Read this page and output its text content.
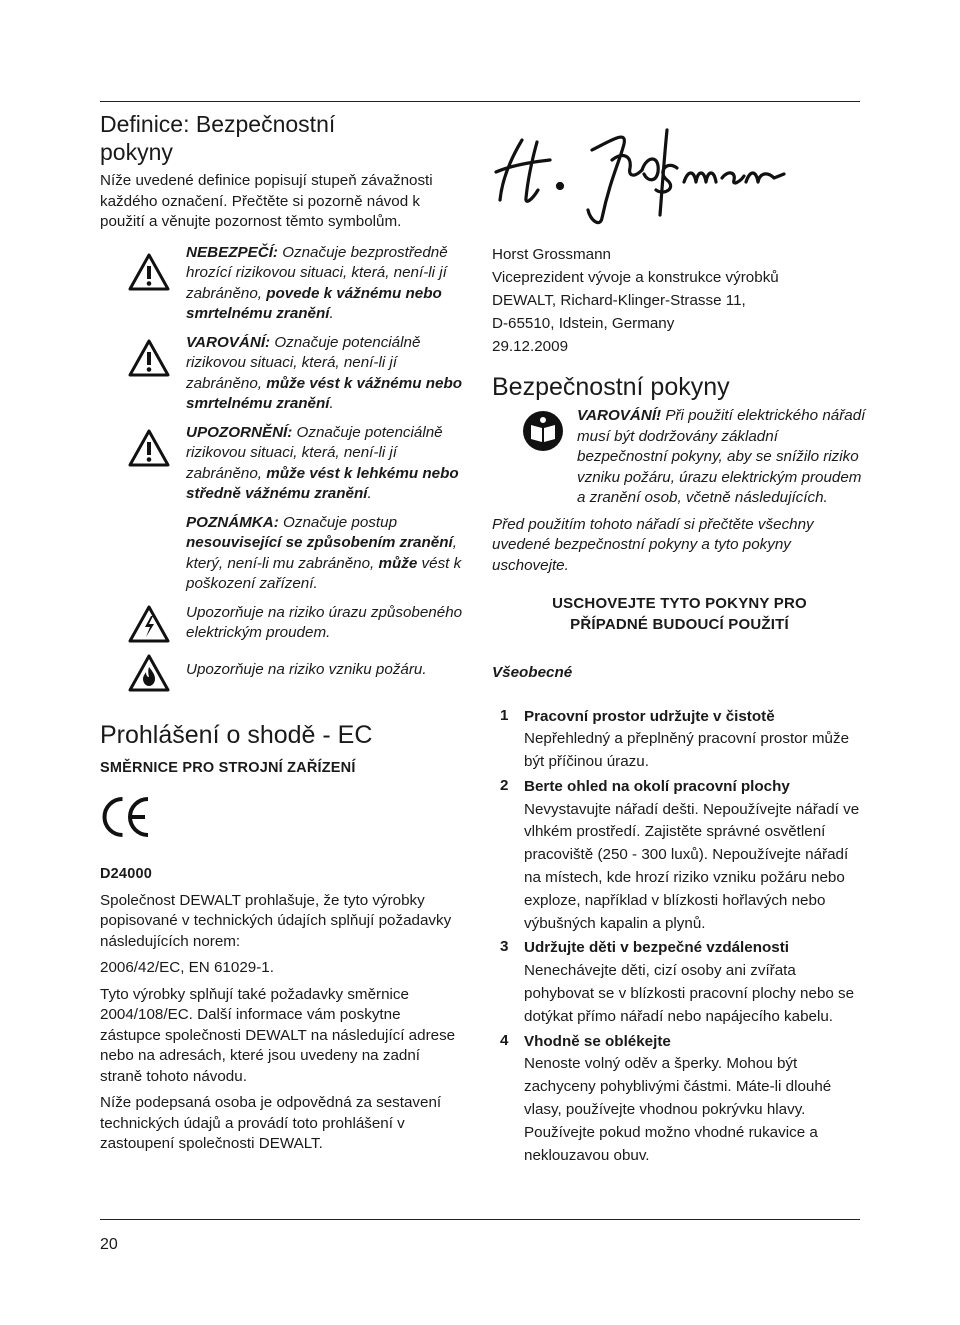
Definice: Bezpečnostní
pokyny

Níže uvedené definice popisují stupeň závažnosti každého označení. Přečtěte si pozorně návod k použití a věnujte pozornost těmto symbolům.

NEBEZPEČÍ: Označuje bezprostředně hrozící rizikovou situaci, která, není-li jí zabráněno, povede k vážnému nebo smrtelnému zranění.
VAROVÁNÍ: Označuje potenciálně rizikovou situaci, která, není-li jí zabráněno, může vést k vážnému nebo smrtelnému zranění.
UPOZORNĚNÍ: Označuje potenciálně rizikovou situaci, která, není-li jí zabráněno, může vést k lehkému nebo středně vážnému zranění.
POZNÁMKA: Označuje postup nesouvisející se způsobením zranění, který, není-li mu zabráněno, může vést k poškození zařízení.
Upozorňuje na riziko úrazu způsobeného elektrickým proudem.
Upozorňuje na riziko vzniku požáru.
Prohlášení o shodě - EC

SMĚRNICE PRO STROJNÍ ZAŘÍZENÍ

D24000

Společnost DEWALT prohlašuje, že tyto výrobky popisované v technických údajích splňují požadavky následujících norem:

2006/42/EC, EN 61029-1.

Tyto výrobky splňují také požadavky směrnice 2004/108/EC. Další informace vám poskytne zástupce společnosti DEWALT na následující adrese nebo na adresách, které jsou uvedeny na zadní straně tohoto návodu.

Níže podepsaná osoba je odpovědná za sestavení technických údajů a provádí toto prohlášení v zastoupení společnosti DEWALT.

Horst Grossmann

Viceprezident vývoje a konstrukce výrobků

DEWALT, Richard-Klinger-Strasse 11,

D-65510, Idstein, Germany

29.12.2009

Bezpečnostní pokyny
VAROVÁNÍ! Při použití elektrického nářadí musí být dodržovány základní bezpečnostní pokyny, aby se snížilo riziko vzniku požáru, úrazu elektrickým proudem a zranění osob, včetně následujících.

Před použitím tohoto nářadí si přečtěte všechny uvedené bezpečnostní pokyny a tyto pokyny uschovejte.

USCHOVEJTE TYTO POKYNY PRO
PŘÍPADNÉ BUDOUCÍ POUŽITÍ

Všeobecné

1	Pracovní prostor udržujte v čistotě
Nepřehledný a přeplněný pracovní prostor může být příčinou úrazu.
2	Berte ohled na okolí pracovní plochy
Nevystavujte nářadí dešti. Nepoužívejte nářadí ve vlhkém prostředí. Zajistěte správné osvětlení pracoviště (250 - 300 luxů). Nepoužívejte nářadí na místech, kde hrozí riziko vzniku požáru nebo exploze, například v blízkosti hořlavých nebo výbušných kapalin a plynů.
3	Udržujte děti v bezpečné vzdálenosti
Nenechávejte děti, cizí osoby ani zvířata pohybovat se v blízkosti pracovní plochy nebo se dotýkat přímo nářadí nebo napájecího kabelu.
4	Vhodně se oblékejte
Nenoste volný oděv a šperky. Mohou být zachyceny pohyblivými částmi. Máte-li dlouhé vlasy, používejte vhodnou pokrývku hlavy. Používejte pokud možno vhodné rukavice a neklouzavou obuv.
20
